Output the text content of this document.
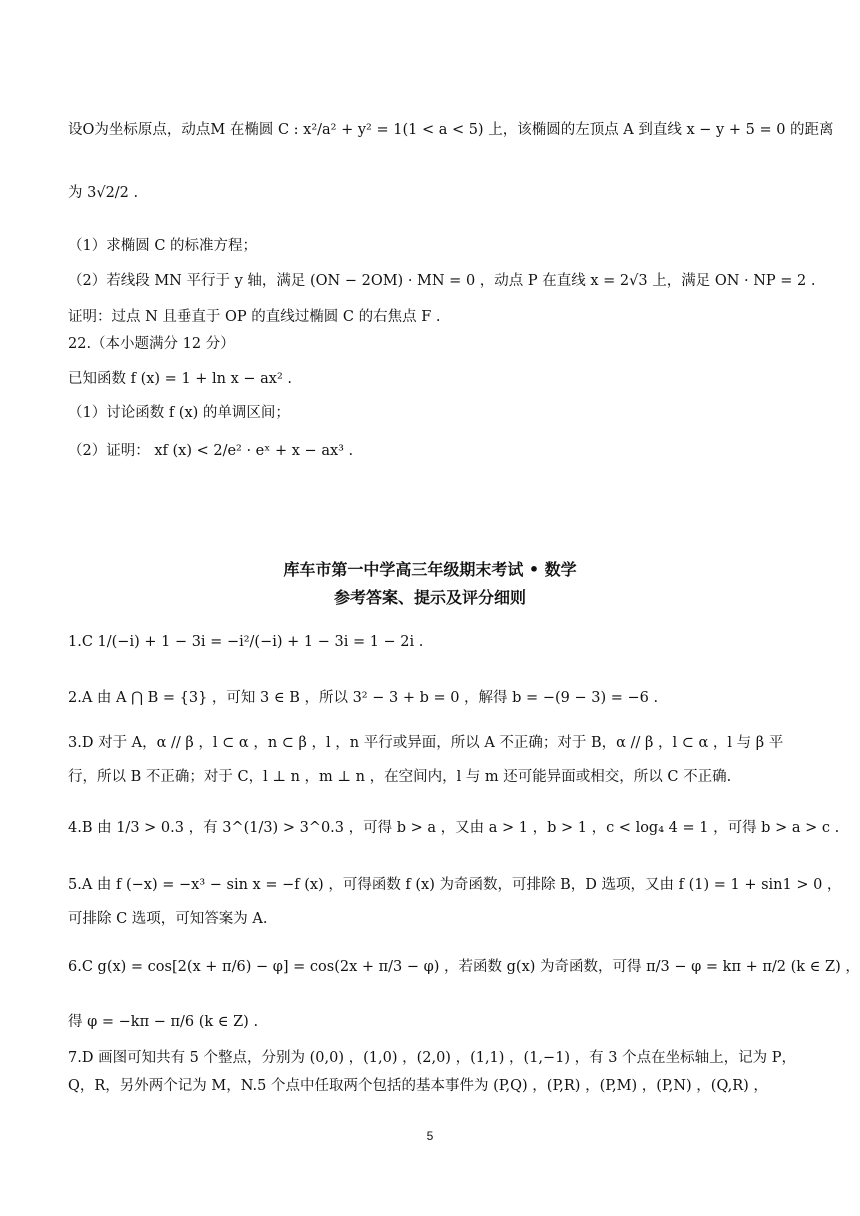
设O为坐标原点，动点M 在椭圆 C : x²/a² + y² = 1(1 < a < 5) 上，该椭圆的左顶点 A 到直线 x − y + 5 = 0 的距离
为 3√2/2 .
（1）求椭圆 C 的标准方程；
（2）若线段 MN 平行于 y 轴，满足 (ON − 2OM) · MN = 0 ，动点 P 在直线 x = 2√3 上，满足 ON · NP = 2 .
证明：过点 N 且垂直于 OP 的直线过椭圆 C 的右焦点 F .
22.（本小题满分 12 分）
已知函数 f (x) = 1 + ln x − ax² .
（1）讨论函数 f (x) 的单调区间；
（2）证明： xf (x) < 2/e² · eˣ + x − ax³ .
库车市第一中学高三年级期末考试 • 数学
参考答案、提示及评分细则
1.C 1/(−i) + 1 − 3i = −i²/(−i) + 1 − 3i = 1 − 2i .
2.A 由 A ⋂ B = {3} ，可知 3 ∈ B ，所以 3² − 3 + b = 0 ，解得 b = −(9 − 3) = −6 .
3.D 对于 A，α // β ，l ⊂ α ，n ⊂ β ，l ，n 平行或异面，所以 A 不正确；对于 B，α // β ，l ⊂ α ，l 与 β 平
行，所以 B 不正确；对于 C，l ⊥ n ，m ⊥ n ，在空间内，l 与 m 还可能异面或相交，所以 C 不正确.
4.B 由 1/3 > 0.3 ，有 3^(1/3) > 3^0.3 ，可得 b > a ，又由 a > 1 ，b > 1 ，c < log₄ 4 = 1 ，可得 b > a > c .
5.A 由 f (−x) = −x³ − sin x = −f (x) ，可得函数 f (x) 为奇函数，可排除 B，D 选项，又由 f (1) = 1 + sin1 > 0 ，
可排除 C 选项，可知答案为 A.
6.C g(x) = cos[2(x + π/6) − φ] = cos(2x + π/3 − φ) ，若函数 g(x) 为奇函数，可得 π/3 − φ = kπ + π/2 (k ∈ Z) ，
得 φ = −kπ − π/6 (k ∈ Z) .
7.D 画图可知共有 5 个整点，分别为 (0,0) ，(1,0) ，(2,0) ，(1,1) ，(1,−1) ，有 3 个点在坐标轴上，记为 P，
Q，R，另外两个记为 M，N.5 个点中任取两个包括的基本事件为 (P,Q) ，(P,R) ，(P,M) ，(P,N) ，(Q,R) ，
5
